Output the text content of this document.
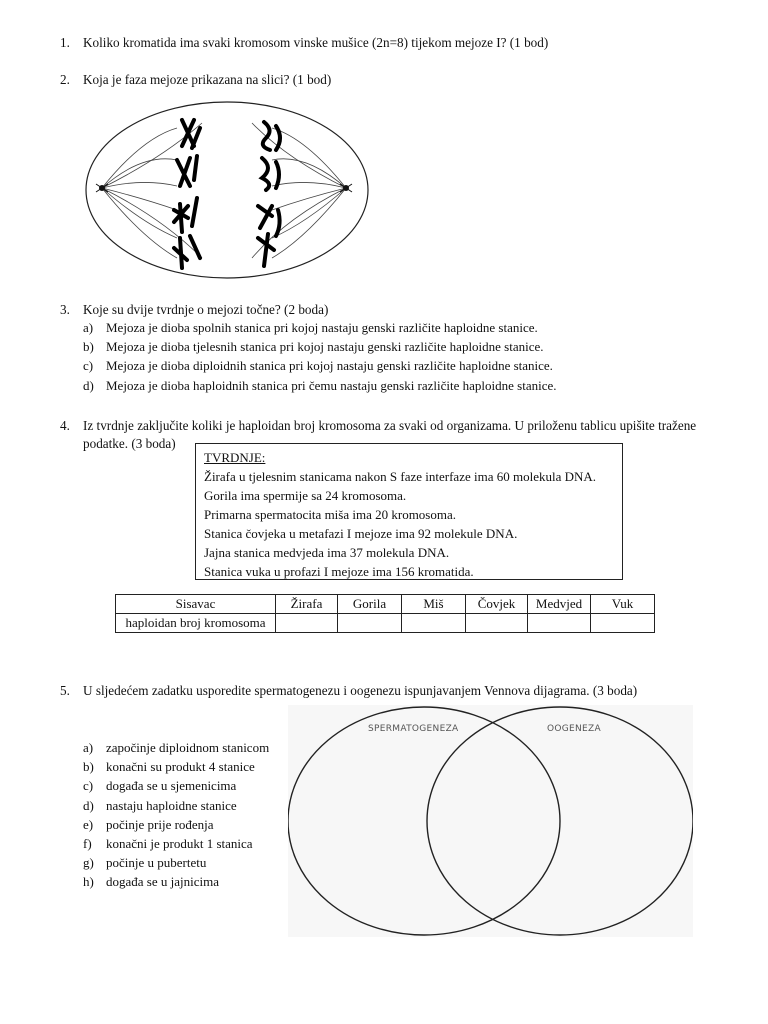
1. Koliko kromatida ima svaki kromosom vinske mušice (2n=8) tijekom mejoze I? (1 bod)
2. Koja je faza mejoze prikazana na slici? (1 bod)
3. Koje su dvije tvrdnje o mejozi točne? (2 boda)
a) Mejoza je dioba spolnih stanica pri kojoj nastaju genski različite haploidne stanice.
b) Mejoza je dioba tjelesnih stanica pri kojoj nastaju genski različite haploidne stanice.
c) Mejoza je dioba diploidnih stanica pri kojoj nastaju genski različite haploidne stanice.
d) Mejoza je dioba haploidnih stanica pri čemu nastaju genski različite haploidne stanice.
4. Iz tvrdnje zaključite koliki je haploidan broj kromosoma za svaki od organizama. U priloženu tablicu upišite tražene
podatke. (3 boda)
TVRDNJE:
Žirafa u tjelesnim stanicama nakon S faze interfaze ima 60 molekula DNA.
Gorila ima spermije sa 24 kromosoma.
Primarna spermatocita miša ima 20 kromosoma.
Stanica čovjeka u metafazi I mejoze ima 92 molekule DNA.
Jajna stanica medvjeda ima 37 molekula DNA.
Stanica vuka u profazi I mejoze ima 156 kromatida.
Sisavac	Žirafa	Gorila	Miš	Čovjek	Medvjed	Vuk
haploidan broj kromosoma						
5. U sljedećem zadatku usporedite spermatogenezu i oogenezu ispunjavanjem Vennova dijagrama. (3 boda)
a) započinje diploidnom stanicom
b) konačni su produkt 4 stanice
c) događa se u sjemenicima
d) nastaju haploidne stanice
e) počinje prije rođenja
f) konačni je produkt 1 stanica
g) počinje u pubertetu
h) događa se u jajnicima
SPERMATOGENEZA	OOGENEZA
